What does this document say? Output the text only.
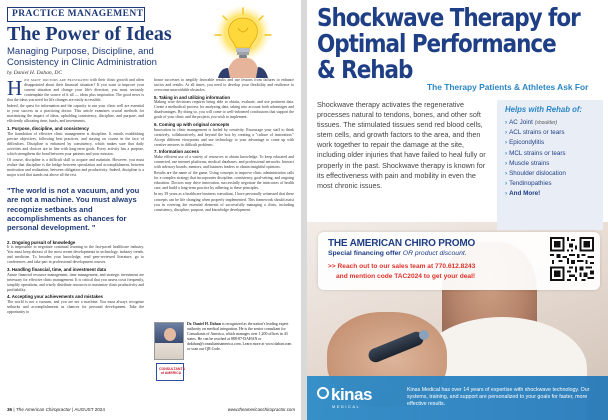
PRACTICE MANAGEMENT
The Power of Ideas
Managing Purpose, Discipline, and Consistency in Clinic Administration
by Daniel H. Dahan, DC

How many doctors are frustrated with their clinic growth and often disappointed about their financial situation? If you want to improve your current situation and change your life's direction, you must seriously contemplate the source of it all — ideas plus inspiration. The good news is that the ideas you need for life changes are easily accessible.

Indeed, the quest for information and the capacity to run your clinic well are essential to your success as a practicing doctor. This article examines crucial methods for maximizing the impact of ideas, upholding consistency, discipline, and purpose, and efficiently allocating time, funds, and investments.

1. Purpose, discipline, and consistency

The foundation of effective clinic management is discipline. It entails establishing precise objectives, following best practices, and staying on course in the face of difficulties. Discipline is enhanced by consistency, which makes sure that daily activities and choices are in line with long-term goals. Every activity has a purpose, which strengthens the bond between your patients and your mission.

Of course, discipline is a difficult skill to acquire and maintain. However, you must realize that discipline is the bridge between speculation and accomplishment, between motivation and realization, between obligation and productivity. Indeed, discipline is a major word that stands out above all the rest.

"The world is not a vacuum, and you are not a machine. You must always recognize setbacks and accomplishments as chances for personal development. "
2. Ongoing pursuit of knowledge

It is impossible to negotiate continual learning in the fast-paced healthcare industry. You must keep abreast of the most recent developments in technology, industry trends, and medicine. To broaden your knowledge, read peer-reviewed literature, go to conferences, and take part in professional development courses.

3. Handling financial, time, and investment data

Astute financial resource management, time management, and strategic investment are necessary for effective clinic management. It is critical that you assess costs frequently, simplify operations, and wisely distribute resources to maximize clinic productivity and profitability.

4. Accepting your achievements and mistakes

The world is not a vacuum, and you are not a machine. You must always recognize setbacks and accomplishments as chances for personal development. Take the opportunity to

honor successes to amplify favorable results and use lessons from failures to enhance tactics and results. At all times, you need to develop your flexibility and resilience to overcome unavoidable obstacles.

5. Taking in and utilizing information

Making wise decisions requires being able to obtain, evaluate, and use pertinent data. Create a methodical process for analyzing data, taking into account both advantages and disadvantages. By doing so, you will come to well-informed conclusions that support the goals of your clinic and the projects you wish to implement.

6. Coming up with original concepts

Innovation in clinic management is fueled by creativity. Encourage your staff to think creatively, collaboratively, and beyond the box by creating a "culture of innovation." Accept different viewpoints and use technology to your advantage to come up with creative answers to difficult problems.

7. Information access

Make efficient use of a variety of resources to obtain knowledge. To keep educated and connected, use internet platforms, medical databases, and professional networks. Interact with advisory boards, mentors, and business leaders to obtain insightful opinions.

Results are the name of the game. Using concepts to improve clinic administration calls for a complex strategy that incorporates discipline, consistency, goal-setting, and ongoing education. Doctors may drive innovation, successfully negotiate the intricacies of health care, and build a long-term practice by adhering to these principles.

In my 39 years as a healthcare business consultant, I have personally witnessed that these concepts can be life changing when properly implemented. This framework should assist you in covering the essential elements of successfully managing a clinic, including consistency, discipline, purpose, and knowledge development.

CONSULTANTS of AMERICA
Dr. Daniel H. Dahan is recognized as the nation's leading expert authority on medical integration. He is the senior consultant for Consultants of America, which manages over 1,200 offices in 43 states. He can be reached at 888-87-DAHAN or drdahan@consultantsamerica.com. Learn more at www.dahan.com or scan our QR Code.
36 | The American Chiropractor | AUGUST 2024	www.theamericanchiropractor.com
Shockwave Therapy for
Optimal Performance
& Rehab
The Therapy Patients & Athletes Ask For
Shockwave therapy activates the regenerative processes natural to tendons, bones, and other soft tissues. The stimulated tissues send red blood cells, stem cells, and growth factors to the area, and then work together to repair the damage at the site, including older injuries that have failed to heal fully or properly in the past. Shockwave therapy is known for its effectiveness with pain and mobility in even the most chronic issues.
Helps with Rehab of:
› AC Joint (shoulder)
› ACL strains or tears
› Epicondylitis
› MCL strains or tears
› Muscle strains
› Shoulder dislocation
› Tendinopathies
› And More!
THE AMERICAN CHIRO PROMO
Special financing offer OR product discount.
>> Reach out to our sales team at 770.612.8243
and mention code TAC2024 to get your deal!
kinas
MEDICAL
Kinas Medical has over 14 years of expertise with shockwave technology. Our systems, training, and support are personalized to your goals for faster, more effective results.
